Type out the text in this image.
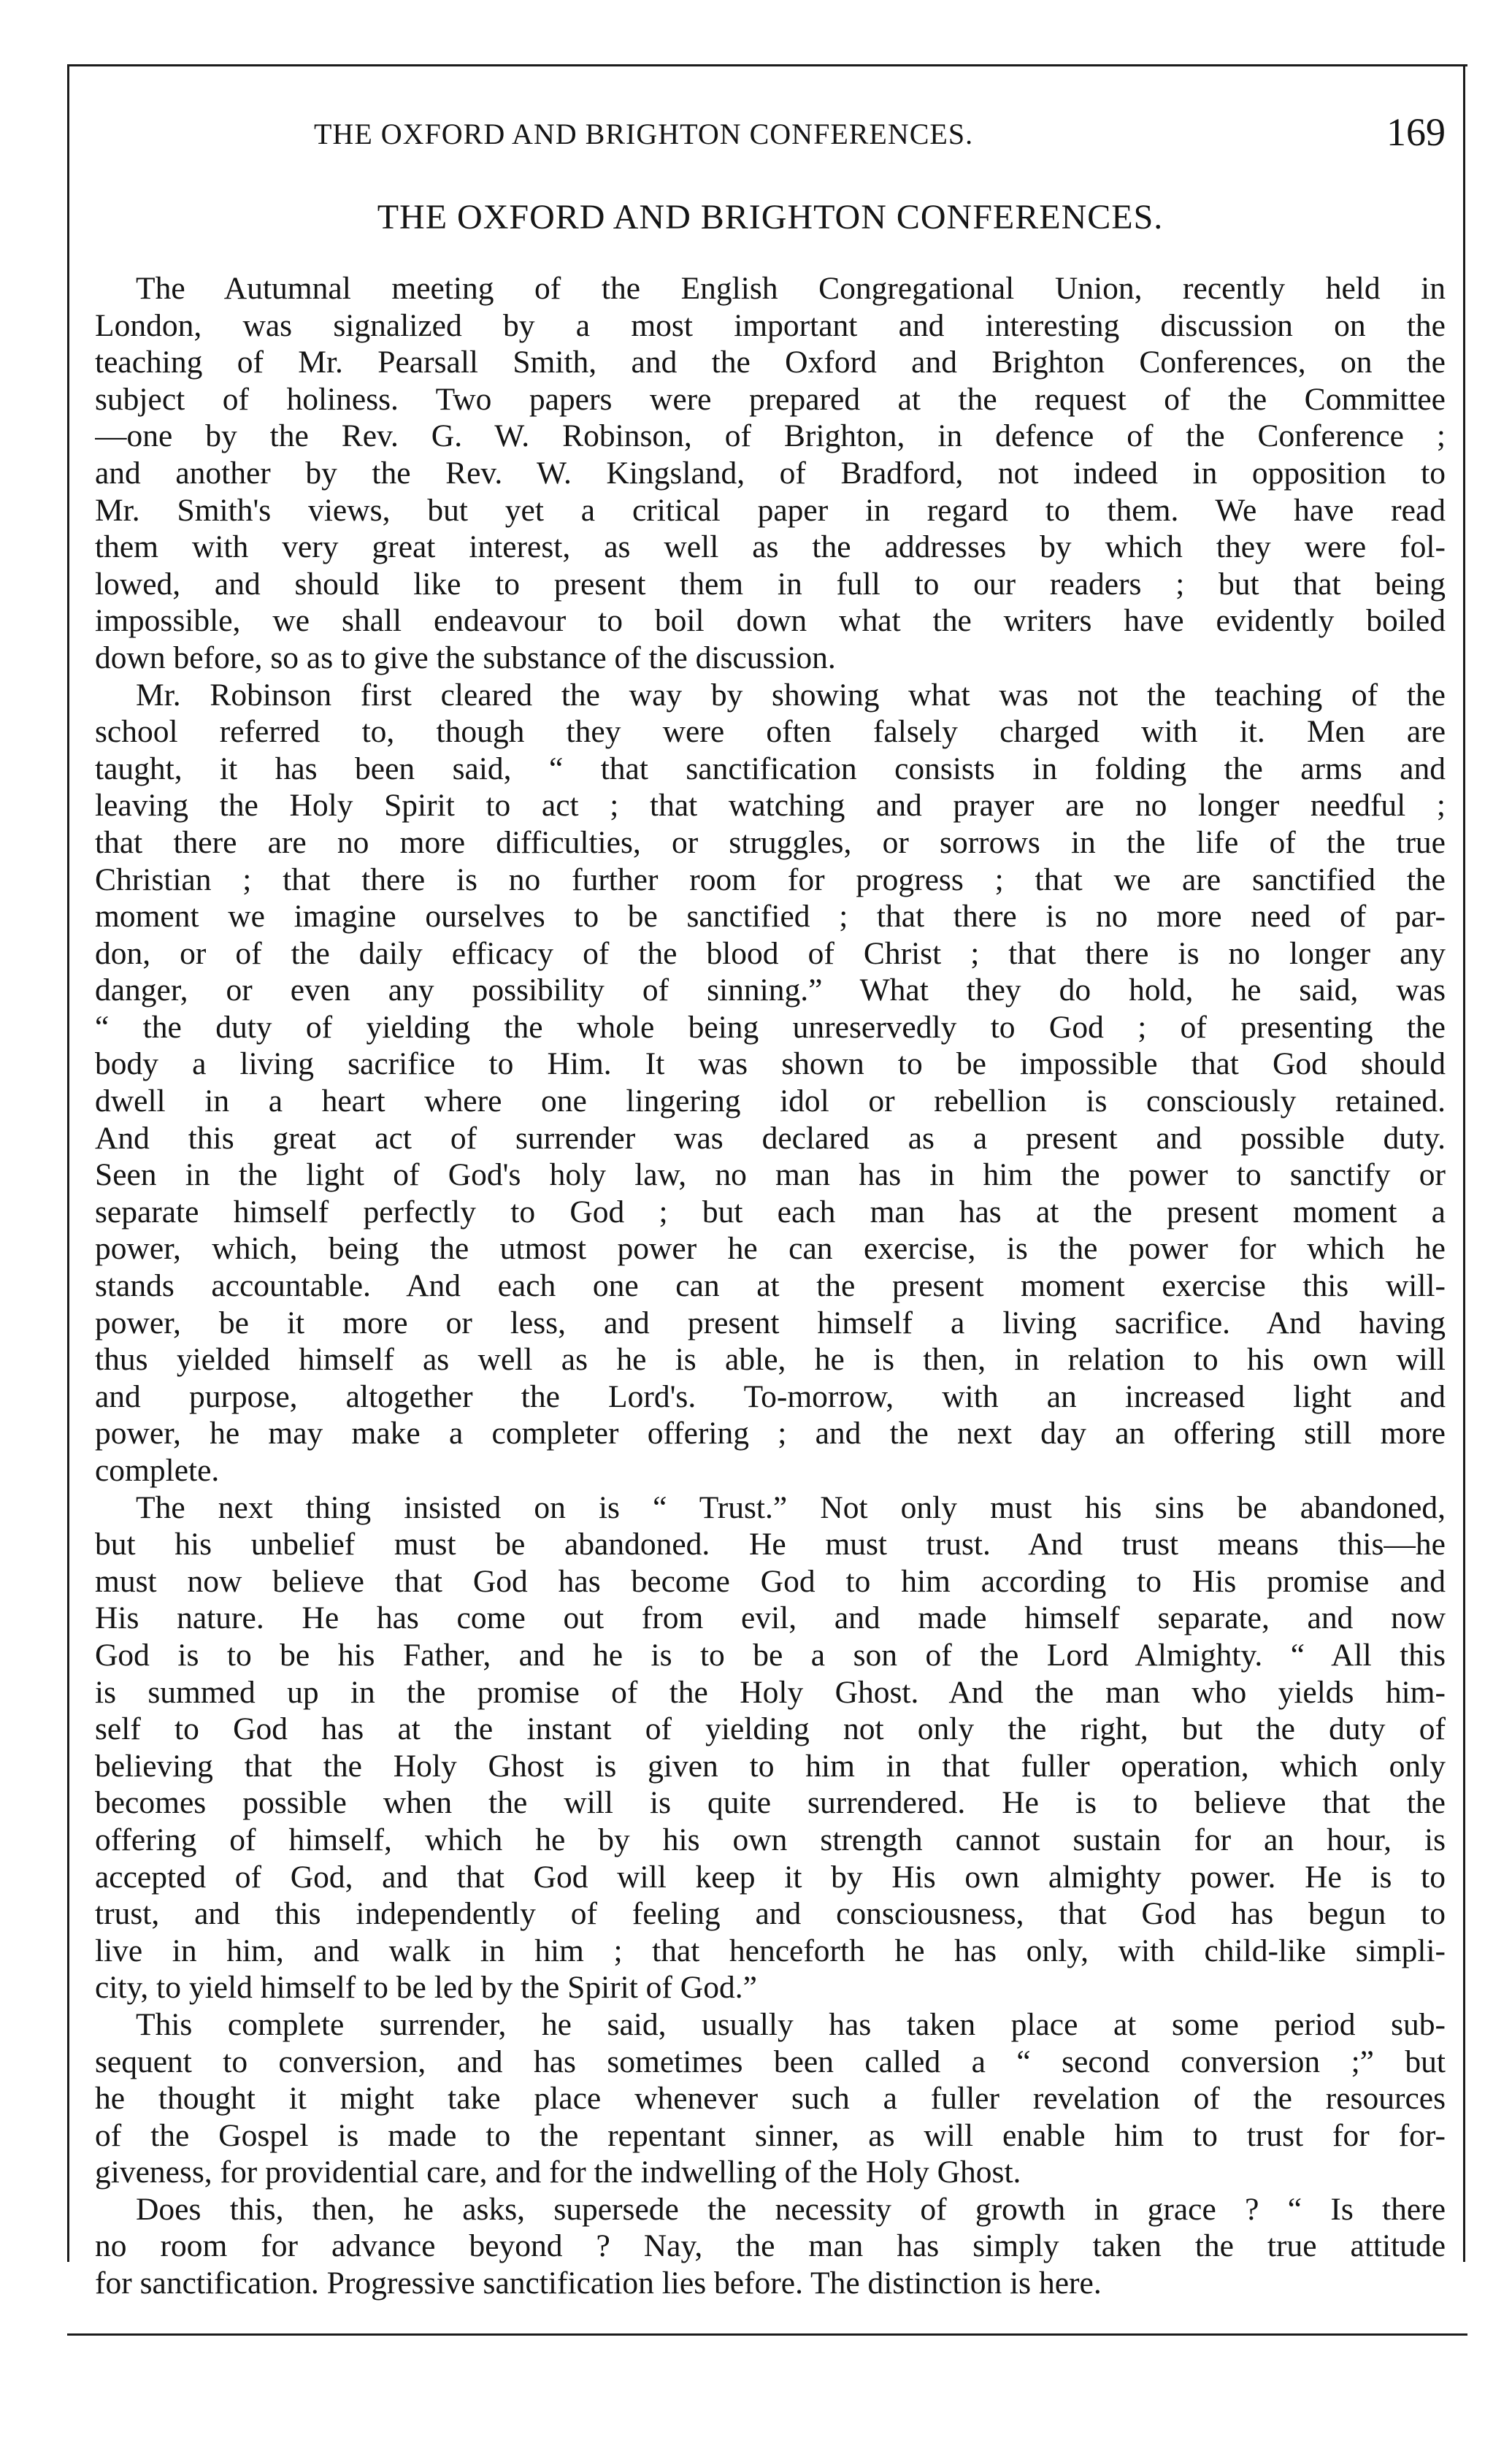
THE OXFORD AND BRIGHTON CONFERENCES.	169
THE OXFORD AND BRIGHTON CONFERENCES.
The Autumnal meeting of the English Congregational Union, recently held in
London, was signalized by a most important and interesting discussion on the
teaching of Mr. Pearsall Smith, and the Oxford and Brighton Conferences, on the
subject of holiness. Two papers were prepared at the request of the Committee
—one by the Rev. G. W. Robinson, of Brighton, in defence of the Conference ;
and another by the Rev. W. Kingsland, of Bradford, not indeed in opposition to
Mr. Smith's views, but yet a critical paper in regard to them. We have read
them with very great interest, as well as the addresses by which they were fol-
lowed, and should like to present them in full to our readers ; but that being
impossible, we shall endeavour to boil down what the writers have evidently boiled
down before, so as to give the substance of the discussion.
Mr. Robinson first cleared the way by showing what was not the teaching of the
school referred to, though they were often falsely charged with it. Men are
taught, it has been said, “ that sanctification consists in folding the arms and
leaving the Holy Spirit to act ; that watching and prayer are no longer needful ;
that there are no more difficulties, or struggles, or sorrows in the life of the true
Christian ; that there is no further room for progress ; that we are sanctified the
moment we imagine ourselves to be sanctified ; that there is no more need of par-
don, or of the daily efficacy of the blood of Christ ; that there is no longer any
danger, or even any possibility of sinning.” What they do hold, he said, was
“ the duty of yielding the whole being unreservedly to God ; of presenting the
body a living sacrifice to Him. It was shown to be impossible that God should
dwell in a heart where one lingering idol or rebellion is consciously retained.
And this great act of surrender was declared as a present and possible duty.
Seen in the light of God's holy law, no man has in him the power to sanctify or
separate himself perfectly to God ; but each man has at the present moment a
power, which, being the utmost power he can exercise, is the power for which he
stands accountable. And each one can at the present moment exercise this will-
power, be it more or less, and present himself a living sacrifice. And having
thus yielded himself as well as he is able, he is then, in relation to his own will
and purpose, altogether the Lord's. To-morrow, with an increased light and
power, he may make a completer offering ; and the next day an offering still more
complete.
The next thing insisted on is “ Trust.” Not only must his sins be abandoned,
but his unbelief must be abandoned. He must trust. And trust means this—he
must now believe that God has become God to him according to His promise and
His nature. He has come out from evil, and made himself separate, and now
God is to be his Father, and he is to be a son of the Lord Almighty. “ All this
is summed up in the promise of the Holy Ghost. And the man who yields him-
self to God has at the instant of yielding not only the right, but the duty of
believing that the Holy Ghost is given to him in that fuller operation, which only
becomes possible when the will is quite surrendered. He is to believe that the
offering of himself, which he by his own strength cannot sustain for an hour, is
accepted of God, and that God will keep it by His own almighty power. He is to
trust, and this independently of feeling and consciousness, that God has begun to
live in him, and walk in him ; that henceforth he has only, with child-like simpli-
city, to yield himself to be led by the Spirit of God.”
This complete surrender, he said, usually has taken place at some period sub-
sequent to conversion, and has sometimes been called a “ second conversion ;” but
he thought it might take place whenever such a fuller revelation of the resources
of the Gospel is made to the repentant sinner, as will enable him to trust for for-
giveness, for providential care, and for the indwelling of the Holy Ghost.
Does this, then, he asks, supersede the necessity of growth in grace ? “ Is there
no room for advance beyond ? Nay, the man has simply taken the true attitude
for sanctification. Progressive sanctification lies before. The distinction is here.
